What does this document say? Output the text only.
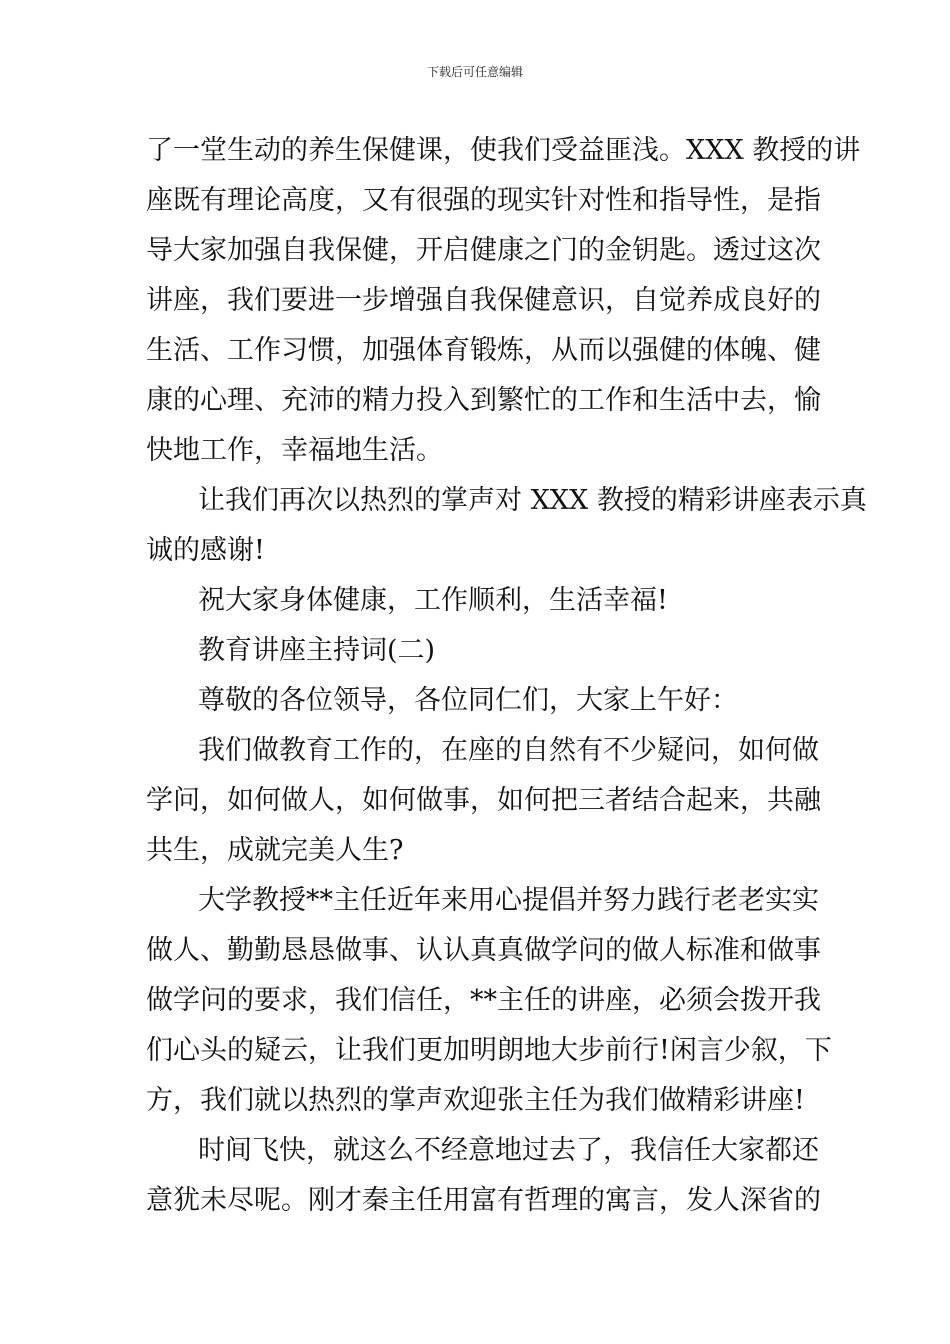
下载后可任意编辑
了一堂生动的养生保健课，使我们受益匪浅。XXX 教授的讲
座既有理论高度，又有很强的现实针对性和指导性，是指
导大家加强自我保健，开启健康之门的金钥匙。透过这次
讲座，我们要进一步增强自我保健意识，自觉养成良好的
生活、工作习惯，加强体育锻炼，从而以强健的体魄、健
康的心理、充沛的精力投入到繁忙的工作和生活中去，愉
快地工作，幸福地生活。
让我们再次以热烈的掌声对 XXX 教授的精彩讲座表示真
诚的感谢!
祝大家身体健康，工作顺利，生活幸福!
教育讲座主持词(二)
尊敬的各位领导，各位同仁们，大家上午好：
我们做教育工作的，在座的自然有不少疑问，如何做
学问，如何做人，如何做事，如何把三者结合起来，共融
共生，成就完美人生?
大学教授**主任近年来用心提倡并努力践行老老实实
做人、勤勤恳恳做事、认认真真做学问的做人标准和做事
做学问的要求，我们信任，**主任的讲座，必须会拨开我
们心头的疑云，让我们更加明朗地大步前行!闲言少叙，下
方，我们就以热烈的掌声欢迎张主任为我们做精彩讲座!
时间飞快，就这么不经意地过去了，我信任大家都还
意犹未尽呢。刚才秦主任用富有哲理的寓言，发人深省的
